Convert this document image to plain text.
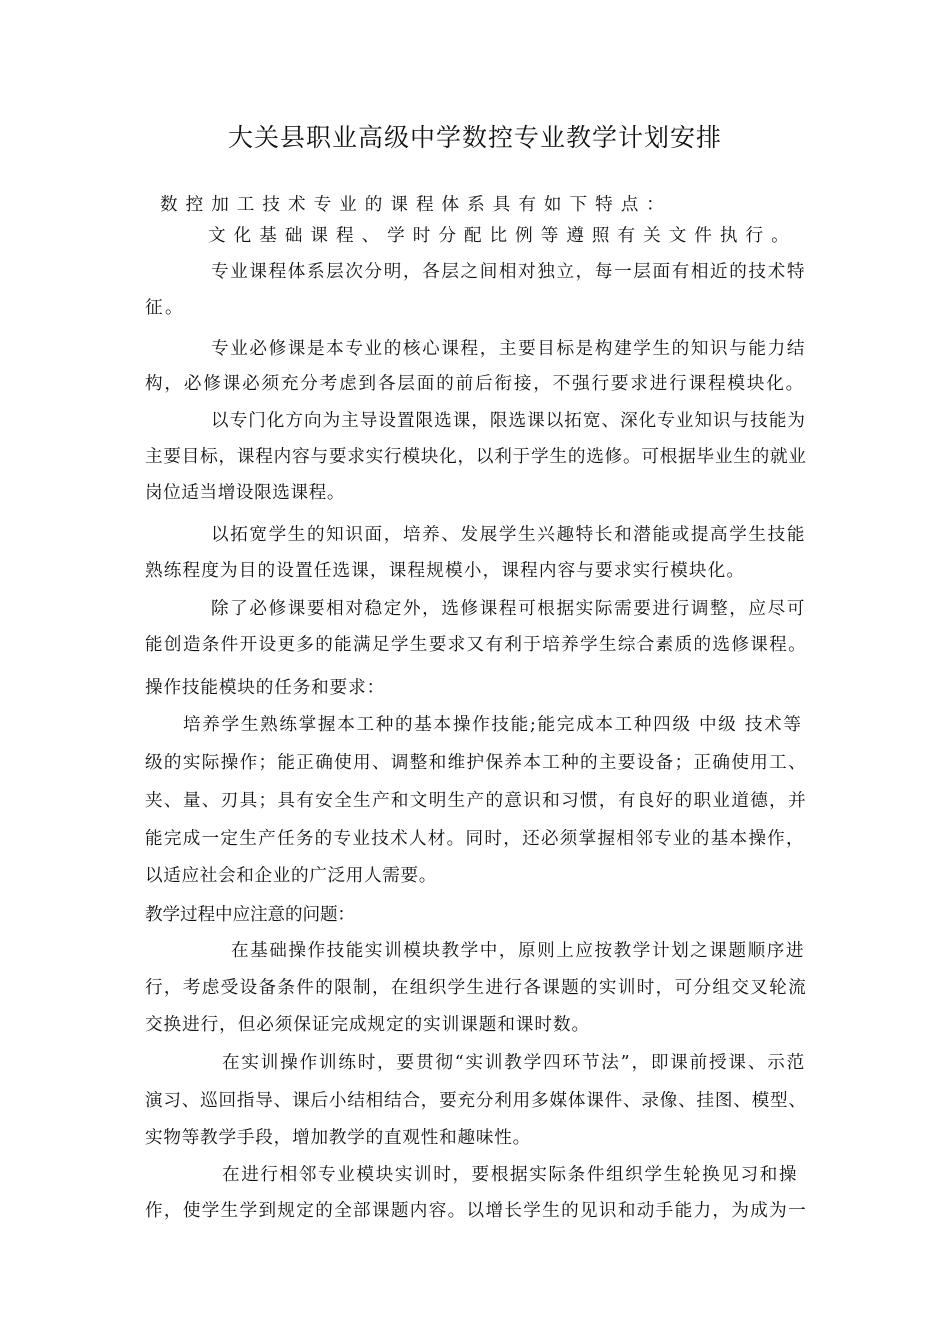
大关县职业高级中学数控专业教学计划安排

数控加工技术专业的课程体系具有如下特点：

文化基础课程、学时分配比例等遵照有关文件执行。

专业课程体系层次分明，各层之间相对独立，每一层面有相近的技术特

征。

专业必修课是本专业的核心课程，主要目标是构建学生的知识与能力结

构，必修课必须充分考虑到各层面的前后衔接，不强行要求进行课程模块化。

以专门化方向为主导设置限选课，限选课以拓宽、深化专业知识与技能为

主要目标，课程内容与要求实行模块化，以利于学生的选修。可根据毕业生的就业

岗位适当增设限选课程。

以拓宽学生的知识面，培养、发展学生兴趣特长和潜能或提高学生技能

熟练程度为目的设置任选课，课程规模小，课程内容与要求实行模块化。

除了必修课要相对稳定外，选修课程可根据实际需要进行调整，应尽可

能创造条件开设更多的能满足学生要求又有利于培养学生综合素质的选修课程。

操作技能模块的任务和要求：

培养学生熟练掌握本工种的基本操作技能;能完成本工种四级 中级 技术等

级的实际操作；能正确使用、调整和维护保养本工种的主要设备；正确使用工、

夹、量、刃具；具有安全生产和文明生产的意识和习惯，有良好的职业道德，并

能完成一定生产任务的专业技术人材。同时，还必须掌握相邻专业的基本操作，

以适应社会和企业的广泛用人需要。

教学过程中应注意的问题：

在基础操作技能实训模块教学中，原则上应按教学计划之课题顺序进

行，考虑受设备条件的限制，在组织学生进行各课题的实训时，可分组交叉轮流

交换进行，但必须保证完成规定的实训课题和课时数。

在实训操作训练时，要贯彻“实训教学四环节法”，即课前授课、示范

演习、巡回指导、课后小结相结合，要充分利用多媒体课件、录像、挂图、模型、

实物等教学手段，增加教学的直观性和趣味性。

在进行相邻专业模块实训时，要根据实际条件组织学生轮换见习和操

作，使学生学到规定的全部课题内容。以增长学生的见识和动手能力，为成为一
